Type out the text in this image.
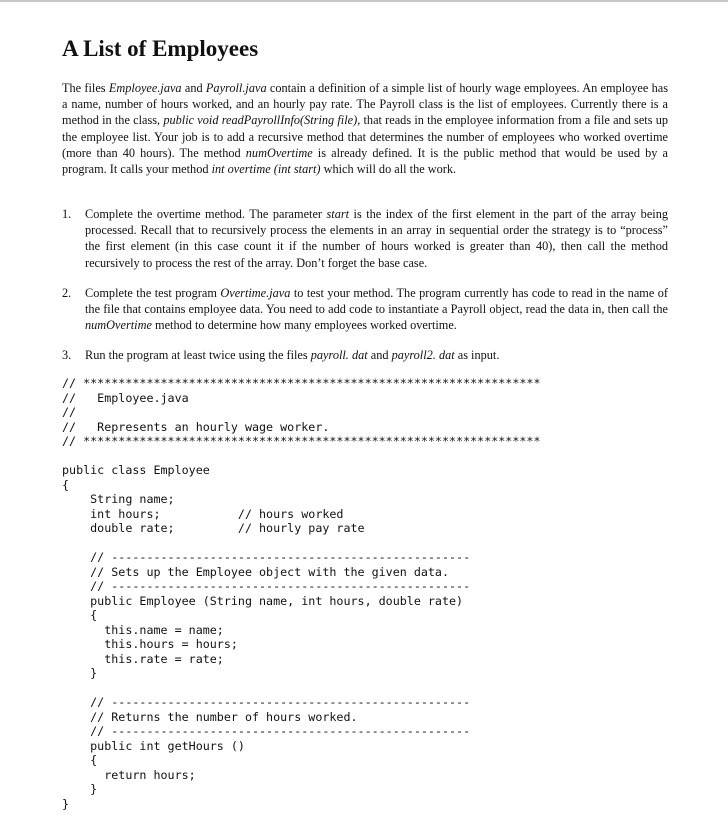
A List of Employees

The files Employee.java and Payroll.java contain a definition of a simple list of hourly wage employees. An employee has a name, number of hours worked, and an hourly pay rate. The Payroll class is the list of employees. Currently there is a method in the class, public void readPayrollInfo(String file), that reads in the employee information from a file and sets up the employee list. Your job is to add a recursive method that determines the number of employees who worked overtime (more than 40 hours). The method numOvertime is already defined. It is the public method that would be used by a program. It calls your method int overtime (int start) which will do all the work.

1. Complete the overtime method. The parameter start is the index of the first element in the part of the array being processed. Recall that to recursively process the elements in an array in sequential order the strategy is to “process” the first element (in this case count it if the number of hours worked is greater than 40), then call the method recursively to process the rest of the array. Don’t forget the base case.
2. Complete the test program Overtime.java to test your method. The program currently has code to read in the name of the file that contains employee data. You need to add code to instantiate a Payroll object, read the data in, then call the numOvertime method to determine how many employees worked overtime.
3. Run the program at least twice using the files payroll. dat and payroll2. dat as input.
// *****************************************************************
//   Employee.java
//
//   Represents an hourly wage worker.
// *****************************************************************

public class Employee
{
String name;
int hours;           // hours worked
double rate;         // hourly pay rate

// ---------------------------------------------------
// Sets up the Employee object with the given data.
// ---------------------------------------------------
public Employee (String name, int hours, double rate)
{
this.name = name;
this.hours = hours;
this.rate = rate;
}

// ---------------------------------------------------
// Returns the number of hours worked.
// ---------------------------------------------------
public int getHours ()
{
return hours;
}
}
